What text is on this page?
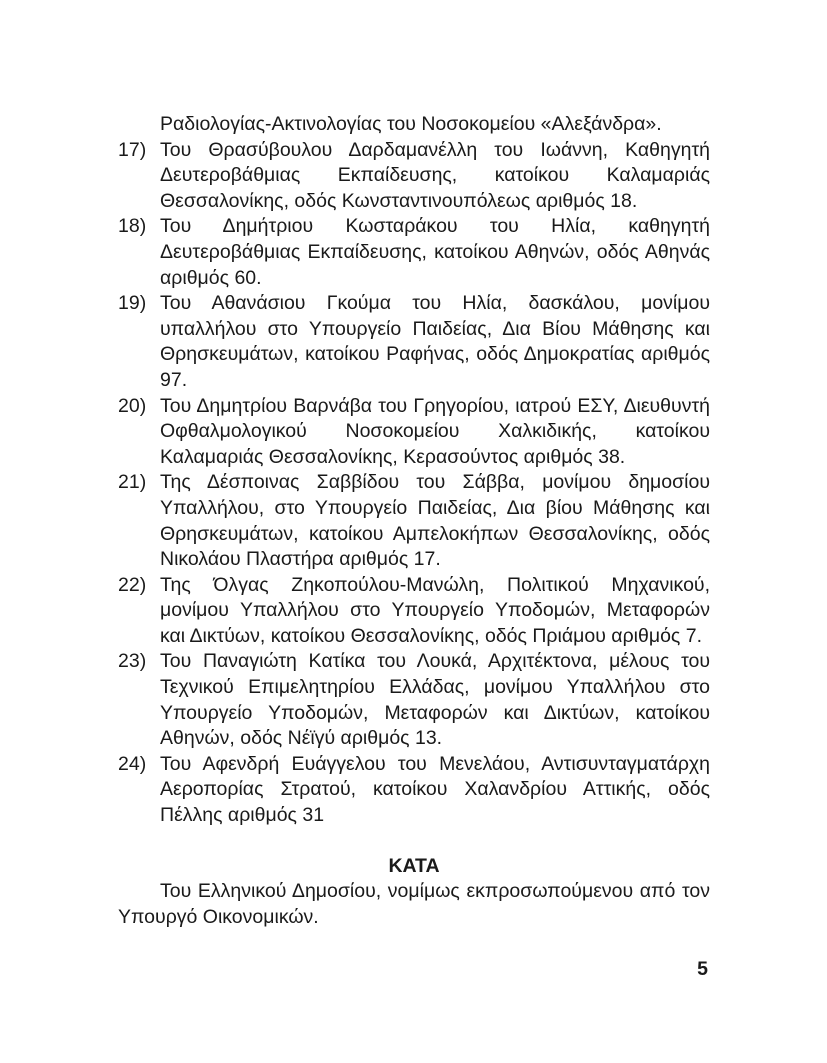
Ραδιολογίας-Ακτινολογίας του Νοσοκομείου «Αλεξάνδρα».
17) Του Θρασύβουλου Δαρδαμανέλλη του Ιωάννη, Καθηγητή Δευτεροβάθμιας Εκπαίδευσης, κατοίκου Καλαμαριάς Θεσσαλονίκης, οδός Κωνσταντινουπόλεως αριθμός 18.
18) Του Δημήτριου Κωσταράκου του Ηλία, καθηγητή Δευτεροβάθμιας Εκπαίδευσης, κατοίκου Αθηνών, οδός Αθηνάς αριθμός 60.
19) Του Αθανάσιου Γκούμα του Ηλία, δασκάλου, μονίμου υπαλλήλου στο Υπουργείο Παιδείας, Δια Βίου Μάθησης και Θρησκευμάτων, κατοίκου Ραφήνας, οδός Δημοκρατίας αριθμός 97.
20) Του Δημητρίου Βαρνάβα του Γρηγορίου, ιατρού ΕΣΥ, Διευθυντή Οφθαλμολογικού Νοσοκομείου Χαλκιδικής, κατοίκου Καλαμαριάς Θεσσαλονίκης, Κερασούντος αριθμός 38.
21) Της Δέσποινας Σαββίδου του Σάββα, μονίμου δημοσίου Υπαλλήλου, στο Υπουργείο Παιδείας, Δια βίου Μάθησης και Θρησκευμάτων, κατοίκου Αμπελοκήπων Θεσσαλονίκης, οδός Νικολάου Πλαστήρα αριθμός 17.
22) Της Όλγας Ζηκοπούλου-Μανώλη, Πολιτικού Μηχανικού, μονίμου Υπαλλήλου στο Υπουργείο Υποδομών, Μεταφορών και Δικτύων, κατοίκου Θεσσαλονίκης, οδός Πριάμου αριθμός 7.
23) Του Παναγιώτη Κατίκα του Λουκά, Αρχιτέκτονα, μέλους του Τεχνικού Επιμελητηρίου Ελλάδας, μονίμου Υπαλλήλου στο Υπουργείο Υποδομών, Μεταφορών και Δικτύων, κατοίκου Αθηνών, οδός Νέϊγύ αριθμός 13.
24) Του Αφενδρή Ευάγγελου του Μενελάου, Αντισυνταγματάρχη Αεροπορίας Στρατού, κατοίκου Χαλανδρίου Αττικής, οδός Πέλλης αριθμός 31
ΚΑΤΑ
Του Ελληνικού Δημοσίου, νομίμως εκπροσωπούμενου από τον Υπουργό Οικονομικών.
5
